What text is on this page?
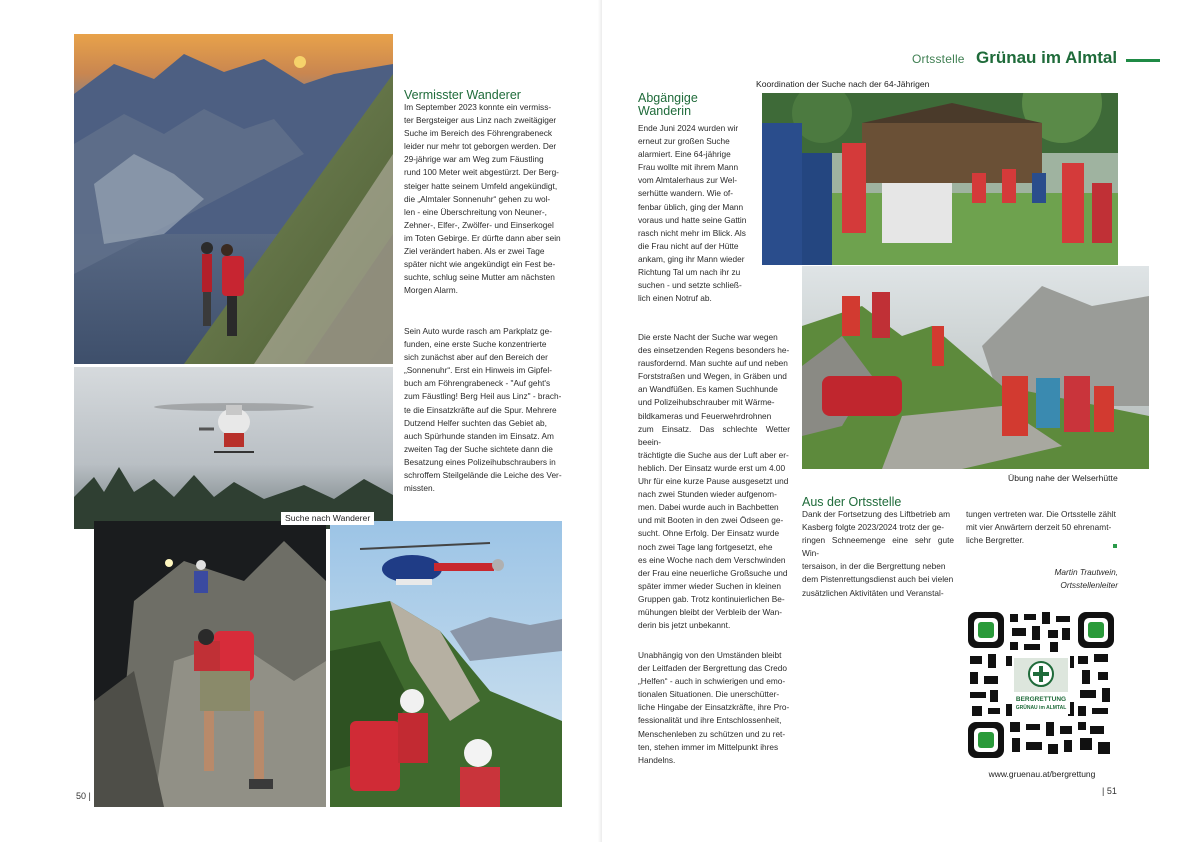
Vermisster Wanderer
Im September 2023 konnte ein vermiss-
ter Bergsteiger aus Linz nach zweitägiger
Suche im Bereich des Föhrengrabeneck
leider nur mehr tot geborgen werden. Der
29-jährige war am Weg zum Fäustling
rund 100 Meter weit abgestürzt. Der Berg-
steiger hatte seinem Umfeld angekündigt,
die „Almtaler Sonnenuhr“ gehen zu wol-
len - eine Überschreitung von Neuner-,
Zehner-, Elfer-, Zwölfer- und Einserkogel
im Toten Gebirge. Er dürfte dann aber sein
Ziel verändert haben. Als er zwei Tage
später nicht wie angekündigt ein Fest be-
suchte, schlug seine Mutter am nächsten
Morgen Alarm.
Sein Auto wurde rasch am Parkplatz ge-
funden, eine erste Suche konzentrierte
sich zunächst aber auf den Bereich der
„Sonnenuhr“. Erst ein Hinweis im Gipfel-
buch am Föhrengrabeneck - "Auf geht's
zum Fäustling! Berg Heil aus Linz" - brach-
te die Einsatzkräfte auf die Spur. Mehrere
Dutzend Helfer suchten das Gebiet ab,
auch Spürhunde standen im Einsatz. Am
zweiten Tag der Suche sichtete dann die
Besatzung eines Polizeihubschraubers in
schroffem Steilgelände die Leiche des Ver-
missten.
Suche nach Wanderer
50 |
Ortsstelle Grünau im Almtal
Koordination der Suche nach der 64-Jährigen
Übung nahe der Welserhütte
Abgängige
Wanderin
Ende Juni 2024 wurden wir
erneut zur großen Suche
alarmiert. Eine 64-jährige
Frau wollte mit ihrem Mann
vom Almtalerhaus zur Wel-
serhütte wandern. Wie of-
fenbar üblich, ging der Mann
voraus und hatte seine Gattin
rasch nicht mehr im Blick. Als
die Frau nicht auf der Hütte
ankam, ging ihr Mann wieder
Richtung Tal um nach ihr zu
suchen - und setzte schließ-
lich einen Notruf ab.
Die erste Nacht der Suche war wegen
des einsetzenden Regens besonders he-
rausfordernd. Man suchte auf und neben
Forststraßen und Wegen, in Gräben und
an Wandfüßen. Es kamen Suchhunde
und Polizeihubschrauber mit Wärme-
bildkameras und Feuerwehrdrohnen
zum Einsatz. Das schlechte Wetter beein-
trächtigte die Suche aus der Luft aber er-
heblich. Der Einsatz wurde erst um 4.00
Uhr für eine kurze Pause ausgesetzt und
nach zwei Stunden wieder aufgenom-
men. Dabei wurde auch in Bachbetten
und mit Booten in den zwei Ödseen ge-
sucht. Ohne Erfolg. Der Einsatz wurde
noch zwei Tage lang fortgesetzt, ehe
es eine Woche nach dem Verschwinden
der Frau eine neuerliche Großsuche und
später immer wieder Suchen in kleinen
Gruppen gab. Trotz kontinuierlichen Be-
mühungen bleibt der Verbleib der Wan-
derin bis jetzt unbekannt.
Unabhängig von den Umständen bleibt
der Leitfaden der Bergrettung das Credo
„Helfen“ - auch in schwierigen und emo-
tionalen Situationen. Die unerschütter-
liche Hingabe der Einsatzkräfte, ihre Pro-
fessionalität und ihre Entschlossenheit,
Menschenleben zu schützen und zu ret-
ten, stehen immer im Mittelpunkt ihres
Handelns.
Aus der Ortsstelle
Dank der Fortsetzung des Liftbetrieb am
Kasberg folgte 2023/2024 trotz der ge-
ringen Schneemenge eine sehr gute Win-
tersaison, in der die Bergrettung neben
dem Pistenrettungsdienst auch bei vielen
zusätzlichen Aktivitäten und Veranstal-
tungen vertreten war. Die Ortsstelle zählt
mit vier Anwärtern derzeit 50 ehrenamt-
liche Bergretter.
Martin Trautwein,
Ortsstellenleiter
BERGRETTUNG
GRÜNAU im ALMTAL
www.gruenau.at/bergrettung
| 51
